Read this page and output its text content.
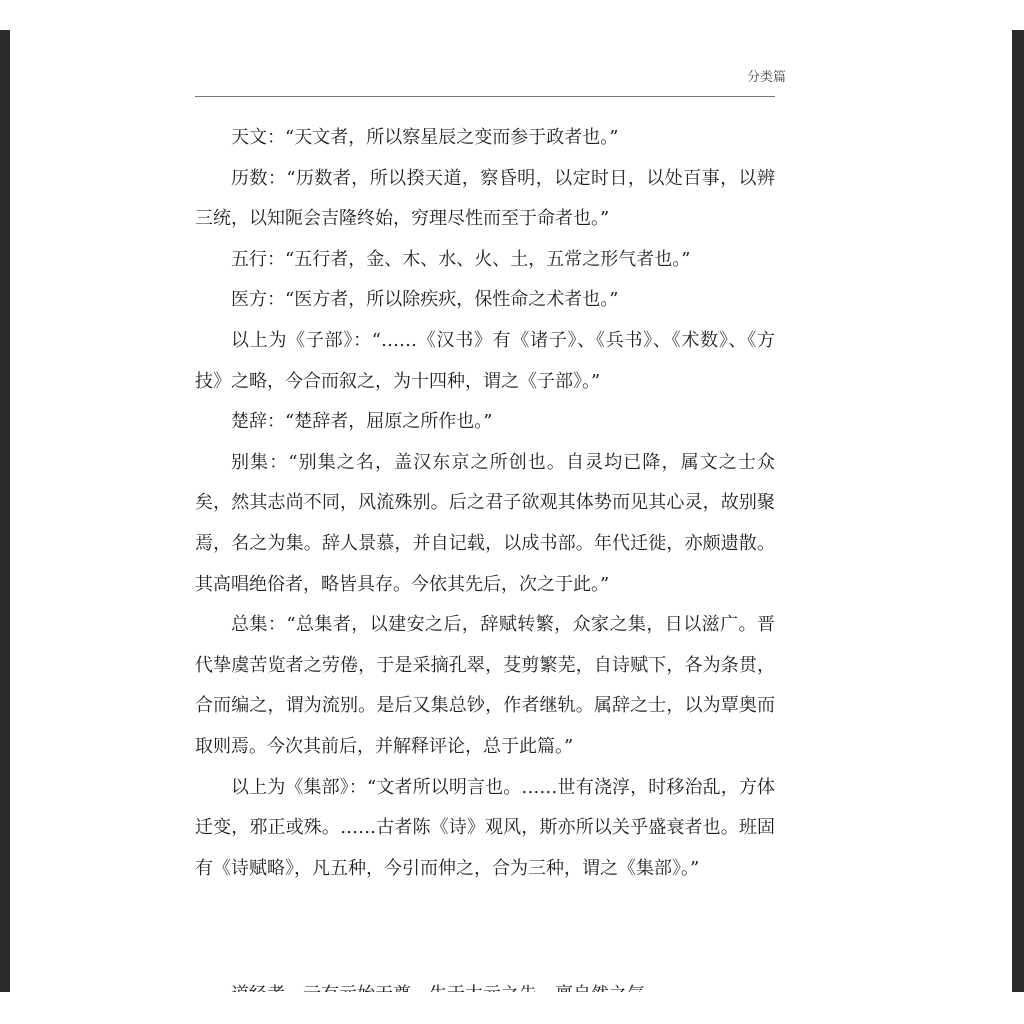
分类篇

天文：“天文者，所以察星辰之变而参于政者也。”

历数：“历数者，所以揆天道，察昏明，以定时日，以处百事，以辨三统，以知阨会吉隆终始，穷理尽性而至于命者也。”

五行：“五行者，金、木、水、火、土，五常之形气者也。”

医方：“医方者，所以除疾疢，保性命之术者也。”

以上为《子部》：“……《汉书》有《诸子》、《兵书》、《术数》、《方技》之略，今合而叙之，为十四种，谓之《子部》。”

楚辞：“楚辞者，屈原之所作也。”

别集：“别集之名，盖汉东京之所创也。自灵均已降，属文之士众矣，然其志尚不同，风流殊别。后之君子欲观其体势而见其心灵，故别聚焉，名之为集。辞人景慕，并自记载，以成书部。年代迁徙，亦颇遗散。其高唱绝俗者，略皆具存。今依其先后，次之于此。”

总集：“总集者，以建安之后，辞赋转繁，众家之集，日以滋广。晋代挚虞苦览者之劳倦，于是采摘孔翠，芟剪繁芜，自诗赋下，各为条贯，合而编之，谓为流别。是后又集总钞，作者继轨。属辞之士，以为覃奥而取则焉。今次其前后，并解释评论，总于此篇。”

以上为《集部》：“文者所以明言也。……世有浇淳，时移治乱，方体迁变，邪正或殊。……古者陈《诗》观风，斯亦所以关乎盛衰者也。班固有《诗赋略》，凡五种，今引而伸之，合为三种，谓之《集部》。”
